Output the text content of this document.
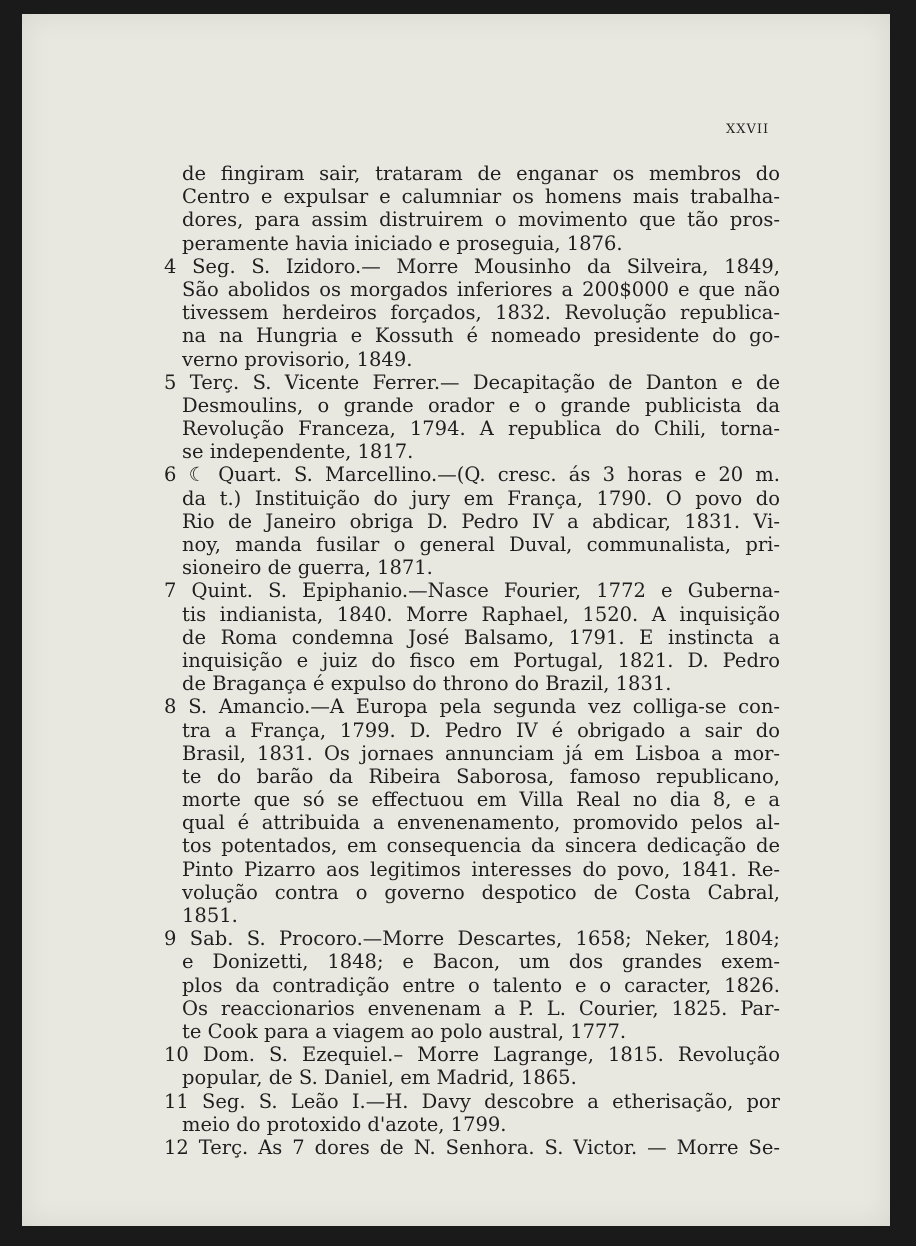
XXVII
de fingiram sair, trataram de enganar os membros do
Centro e expulsar e calumniar os homens mais trabalha-
dores, para assim distruirem o movimento que tão pros-
peramente havia iniciado e proseguia, 1876.
4 Seg. S. Izidoro.— Morre Mousinho da Silveira, 1849,
São abolidos os morgados inferiores a 200$000 e que não
tivessem herdeiros forçados, 1832. Revolução republica-
na na Hungria e Kossuth é nomeado presidente do go-
verno provisorio, 1849.
5 Terç. S. Vicente Ferrer.— Decapitação de Danton e de
Desmoulins, o grande orador e o grande publicista da
Revolução Franceza, 1794. A republica do Chili, torna-
se independente, 1817.
6 ☾ Quart. S. Marcellino.—(Q. cresc. ás 3 horas e 20 m.
da t.) Instituição do jury em França, 1790. O povo do
Rio de Janeiro obriga D. Pedro IV a abdicar, 1831. Vi-
noy, manda fusilar o general Duval, communalista, pri-
sioneiro de guerra, 1871.
7 Quint. S. Epiphanio.—Nasce Fourier, 1772 e Guberna-
tis indianista, 1840. Morre Raphael, 1520. A inquisição
de Roma condemna José Balsamo, 1791. E instincta a
inquisição e juiz do fisco em Portugal, 1821. D. Pedro
de Bragança é expulso do throno do Brazil, 1831.
8 S. Amancio.—A Europa pela segunda vez colliga-se con-
tra a França, 1799. D. Pedro IV é obrigado a sair do
Brasil, 1831. Os jornaes annunciam já em Lisboa a mor-
te do barão da Ribeira Saborosa, famoso republicano,
morte que só se effectuou em Villa Real no dia 8, e a
qual é attribuida a envenenamento, promovido pelos al-
tos potentados, em consequencia da sincera dedicação de
Pinto Pizarro aos legitimos interesses do povo, 1841. Re-
volução contra o governo despotico de Costa Cabral,
1851.
9 Sab. S. Procoro.—Morre Descartes, 1658; Neker, 1804;
e Donizetti, 1848; e Bacon, um dos grandes exem-
plos da contradição entre o talento e o caracter, 1826.
Os reaccionarios envenenam a P. L. Courier, 1825. Par-
te Cook para a viagem ao polo austral, 1777.
10 Dom. S. Ezequiel.– Morre Lagrange, 1815. Revolução
popular, de S. Daniel, em Madrid, 1865.
11 Seg. S. Leão I.—H. Davy descobre a etherisação, por
meio do protoxido d'azote, 1799.
12 Terç. As 7 dores de N. Senhora. S. Victor. — Morre Se-
